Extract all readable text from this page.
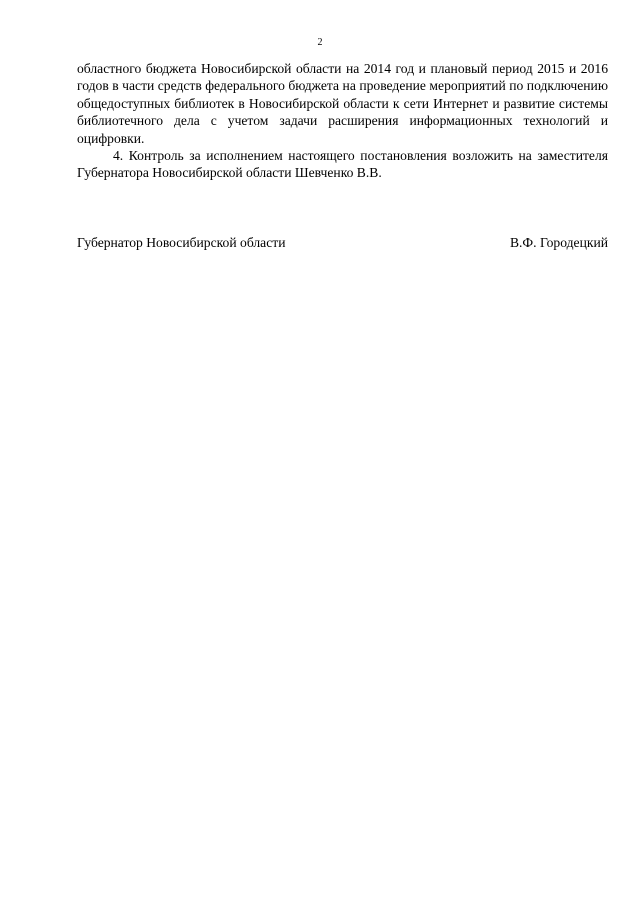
2

областного бюджета Новосибирской области на 2014 год и плановый период 2015 и 2016 годов в части средств федерального бюджета на проведение мероприятий по подключению общедоступных библиотек в Новосибирской области к сети Интернет и развитие системы библиотечного дела с учетом задачи расширения информационных технологий и оцифровки.

4. Контроль за исполнением настоящего постановления возложить на заместителя Губернатора Новосибирской области Шевченко В.В.

Губернатор Новосибирской области	В.Ф. Городецкий
